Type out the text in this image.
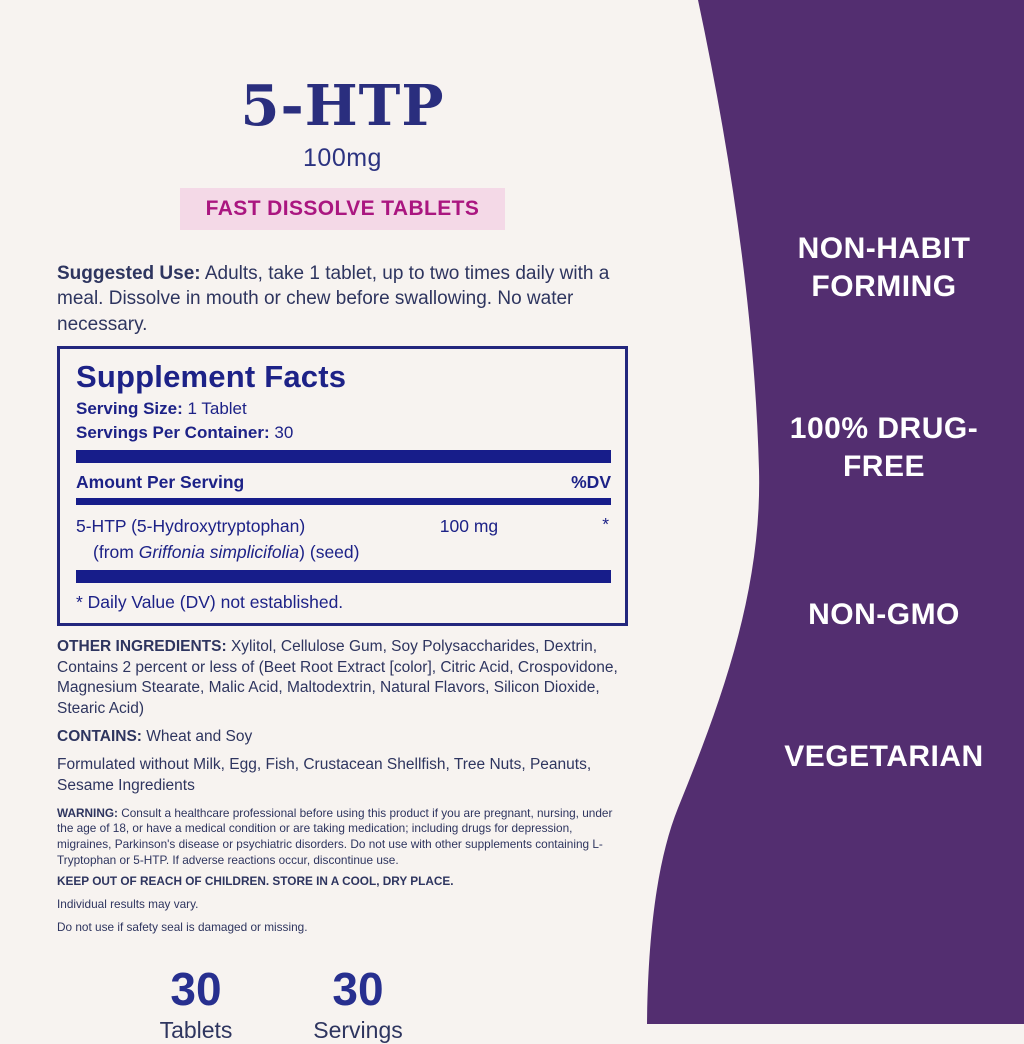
NON-HABIT FORMING
100% DRUG-FREE
NON-GMO
VEGETARIAN
5-HTP
100mg
FAST DISSOLVE TABLETS

Suggested Use: Adults, take 1 tablet, up to two times daily with a meal. Dissolve in mouth or chew before swallowing. No water necessary.

Supplement Facts
Serving Size: 1 Tablet
Servings Per Container: 30
Amount Per Serving	%DV
5-HTP (5-Hydroxytryptophan)	100 mg	*
(from Griffonia simplicifolia) (seed)
* Daily Value (DV) not established.

OTHER INGREDIENTS: Xylitol, Cellulose Gum, Soy Polysaccharides, Dextrin, Contains 2 percent or less of (Beet Root Extract [color], Citric Acid, Crospovidone, Magnesium Stearate, Malic Acid, Maltodextrin, Natural Flavors, Silicon Dioxide, Stearic Acid)

CONTAINS: Wheat and Soy

Formulated without Milk, Egg, Fish, Crustacean Shellfish, Tree Nuts, Peanuts, Sesame Ingredients

WARNING: Consult a healthcare professional before using this product if you are pregnant, nursing, under the age of 18, or have a medical condition or are taking medication; including drugs for depression, migraines, Parkinson's disease or psychiatric disorders. Do not use with other supplements containing L-Tryptophan or 5-HTP. If adverse reactions occur, discontinue use.

KEEP OUT OF REACH OF CHILDREN. STORE IN A COOL, DRY PLACE.

Individual results may vary.

Do not use if safety seal is damaged or missing.

30
Tablets
30
Servings
